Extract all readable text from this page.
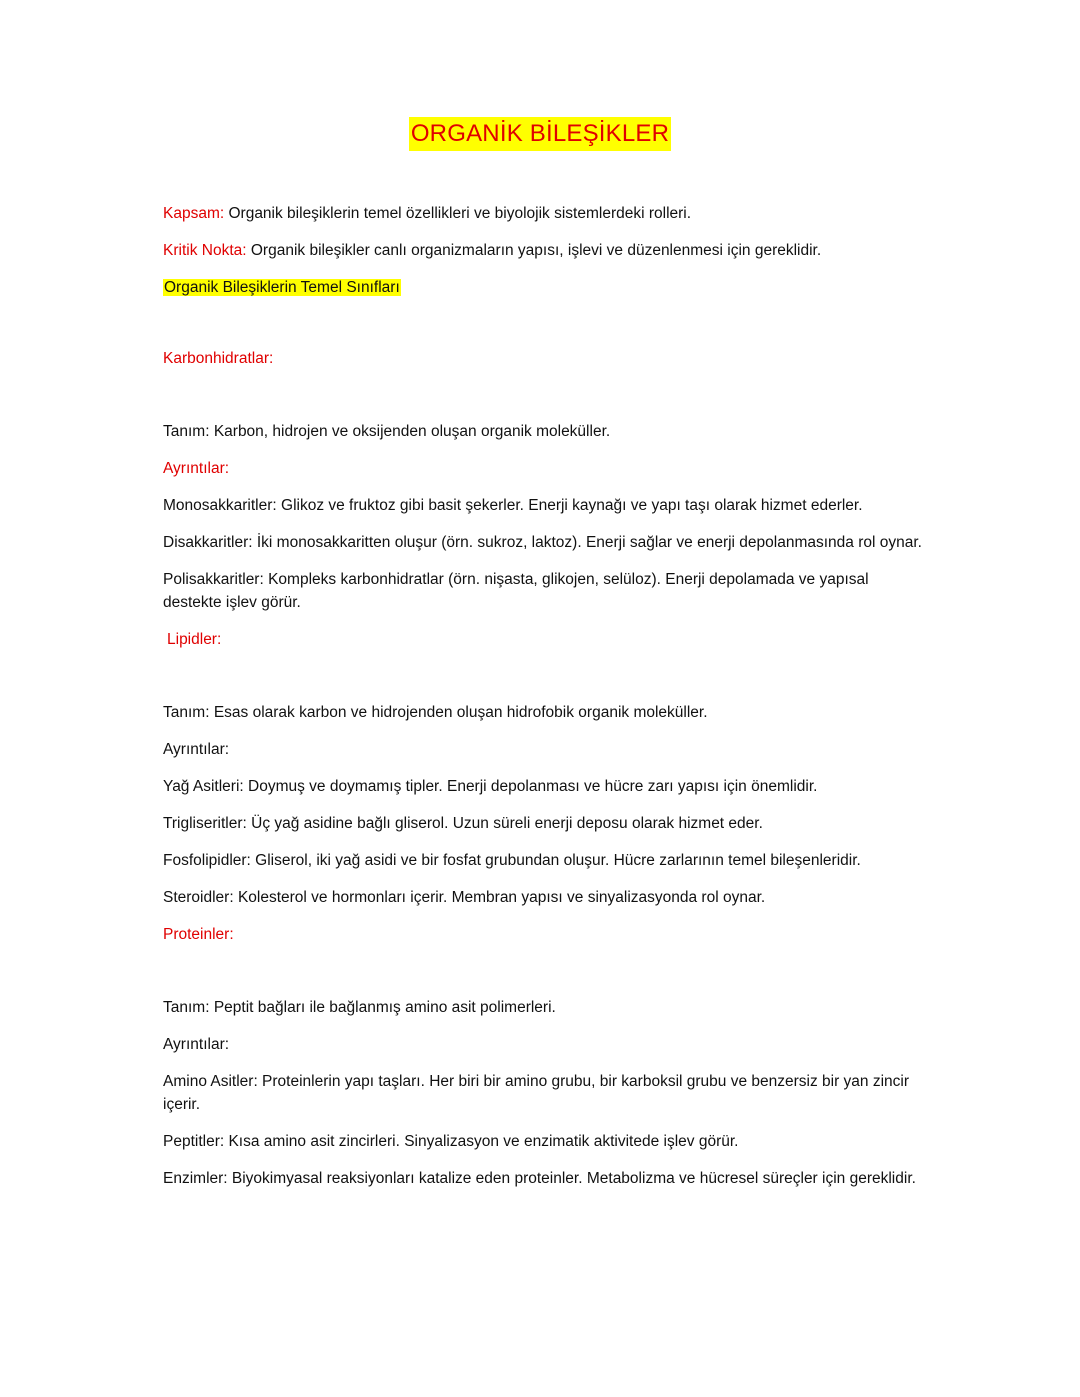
ORGANİK BİLEŞİKLER

Kapsam: Organik bileşiklerin temel özellikleri ve biyolojik sistemlerdeki rolleri.

Kritik Nokta: Organik bileşikler canlı organizmaların yapısı, işlevi ve düzenlenmesi için gereklidir.

Organik Bileşiklerin Temel Sınıfları

Karbonhidratlar:

Tanım: Karbon, hidrojen ve oksijenden oluşan organik moleküller.

Ayrıntılar:

Monosakkaritler: Glikoz ve fruktoz gibi basit şekerler. Enerji kaynağı ve yapı taşı olarak hizmet ederler.

Disakkaritler: İki monosakkaritten oluşur (örn. sukroz, laktoz). Enerji sağlar ve enerji depolanmasında rol oynar.

Polisakkaritler: Kompleks karbonhidratlar (örn. nişasta, glikojen, selüloz). Enerji depolamada ve yapısal destekte işlev görür.

Lipidler:

Tanım: Esas olarak karbon ve hidrojenden oluşan hidrofobik organik moleküller.

Ayrıntılar:

Yağ Asitleri: Doymuş ve doymamış tipler. Enerji depolanması ve hücre zarı yapısı için önemlidir.

Trigliseritler: Üç yağ asidine bağlı gliserol. Uzun süreli enerji deposu olarak hizmet eder.

Fosfolipidler: Gliserol, iki yağ asidi ve bir fosfat grubundan oluşur. Hücre zarlarının temel bileşenleridir.

Steroidler: Kolesterol ve hormonları içerir. Membran yapısı ve sinyalizasyonda rol oynar.

Proteinler:

Tanım: Peptit bağları ile bağlanmış amino asit polimerleri.

Ayrıntılar:

Amino Asitler: Proteinlerin yapı taşları. Her biri bir amino grubu, bir karboksil grubu ve benzersiz bir yan zincir içerir.

Peptitler: Kısa amino asit zincirleri. Sinyalizasyon ve enzimatik aktivitede işlev görür.

Enzimler: Biyokimyasal reaksiyonları katalize eden proteinler. Metabolizma ve hücresel süreçler için gereklidir.
